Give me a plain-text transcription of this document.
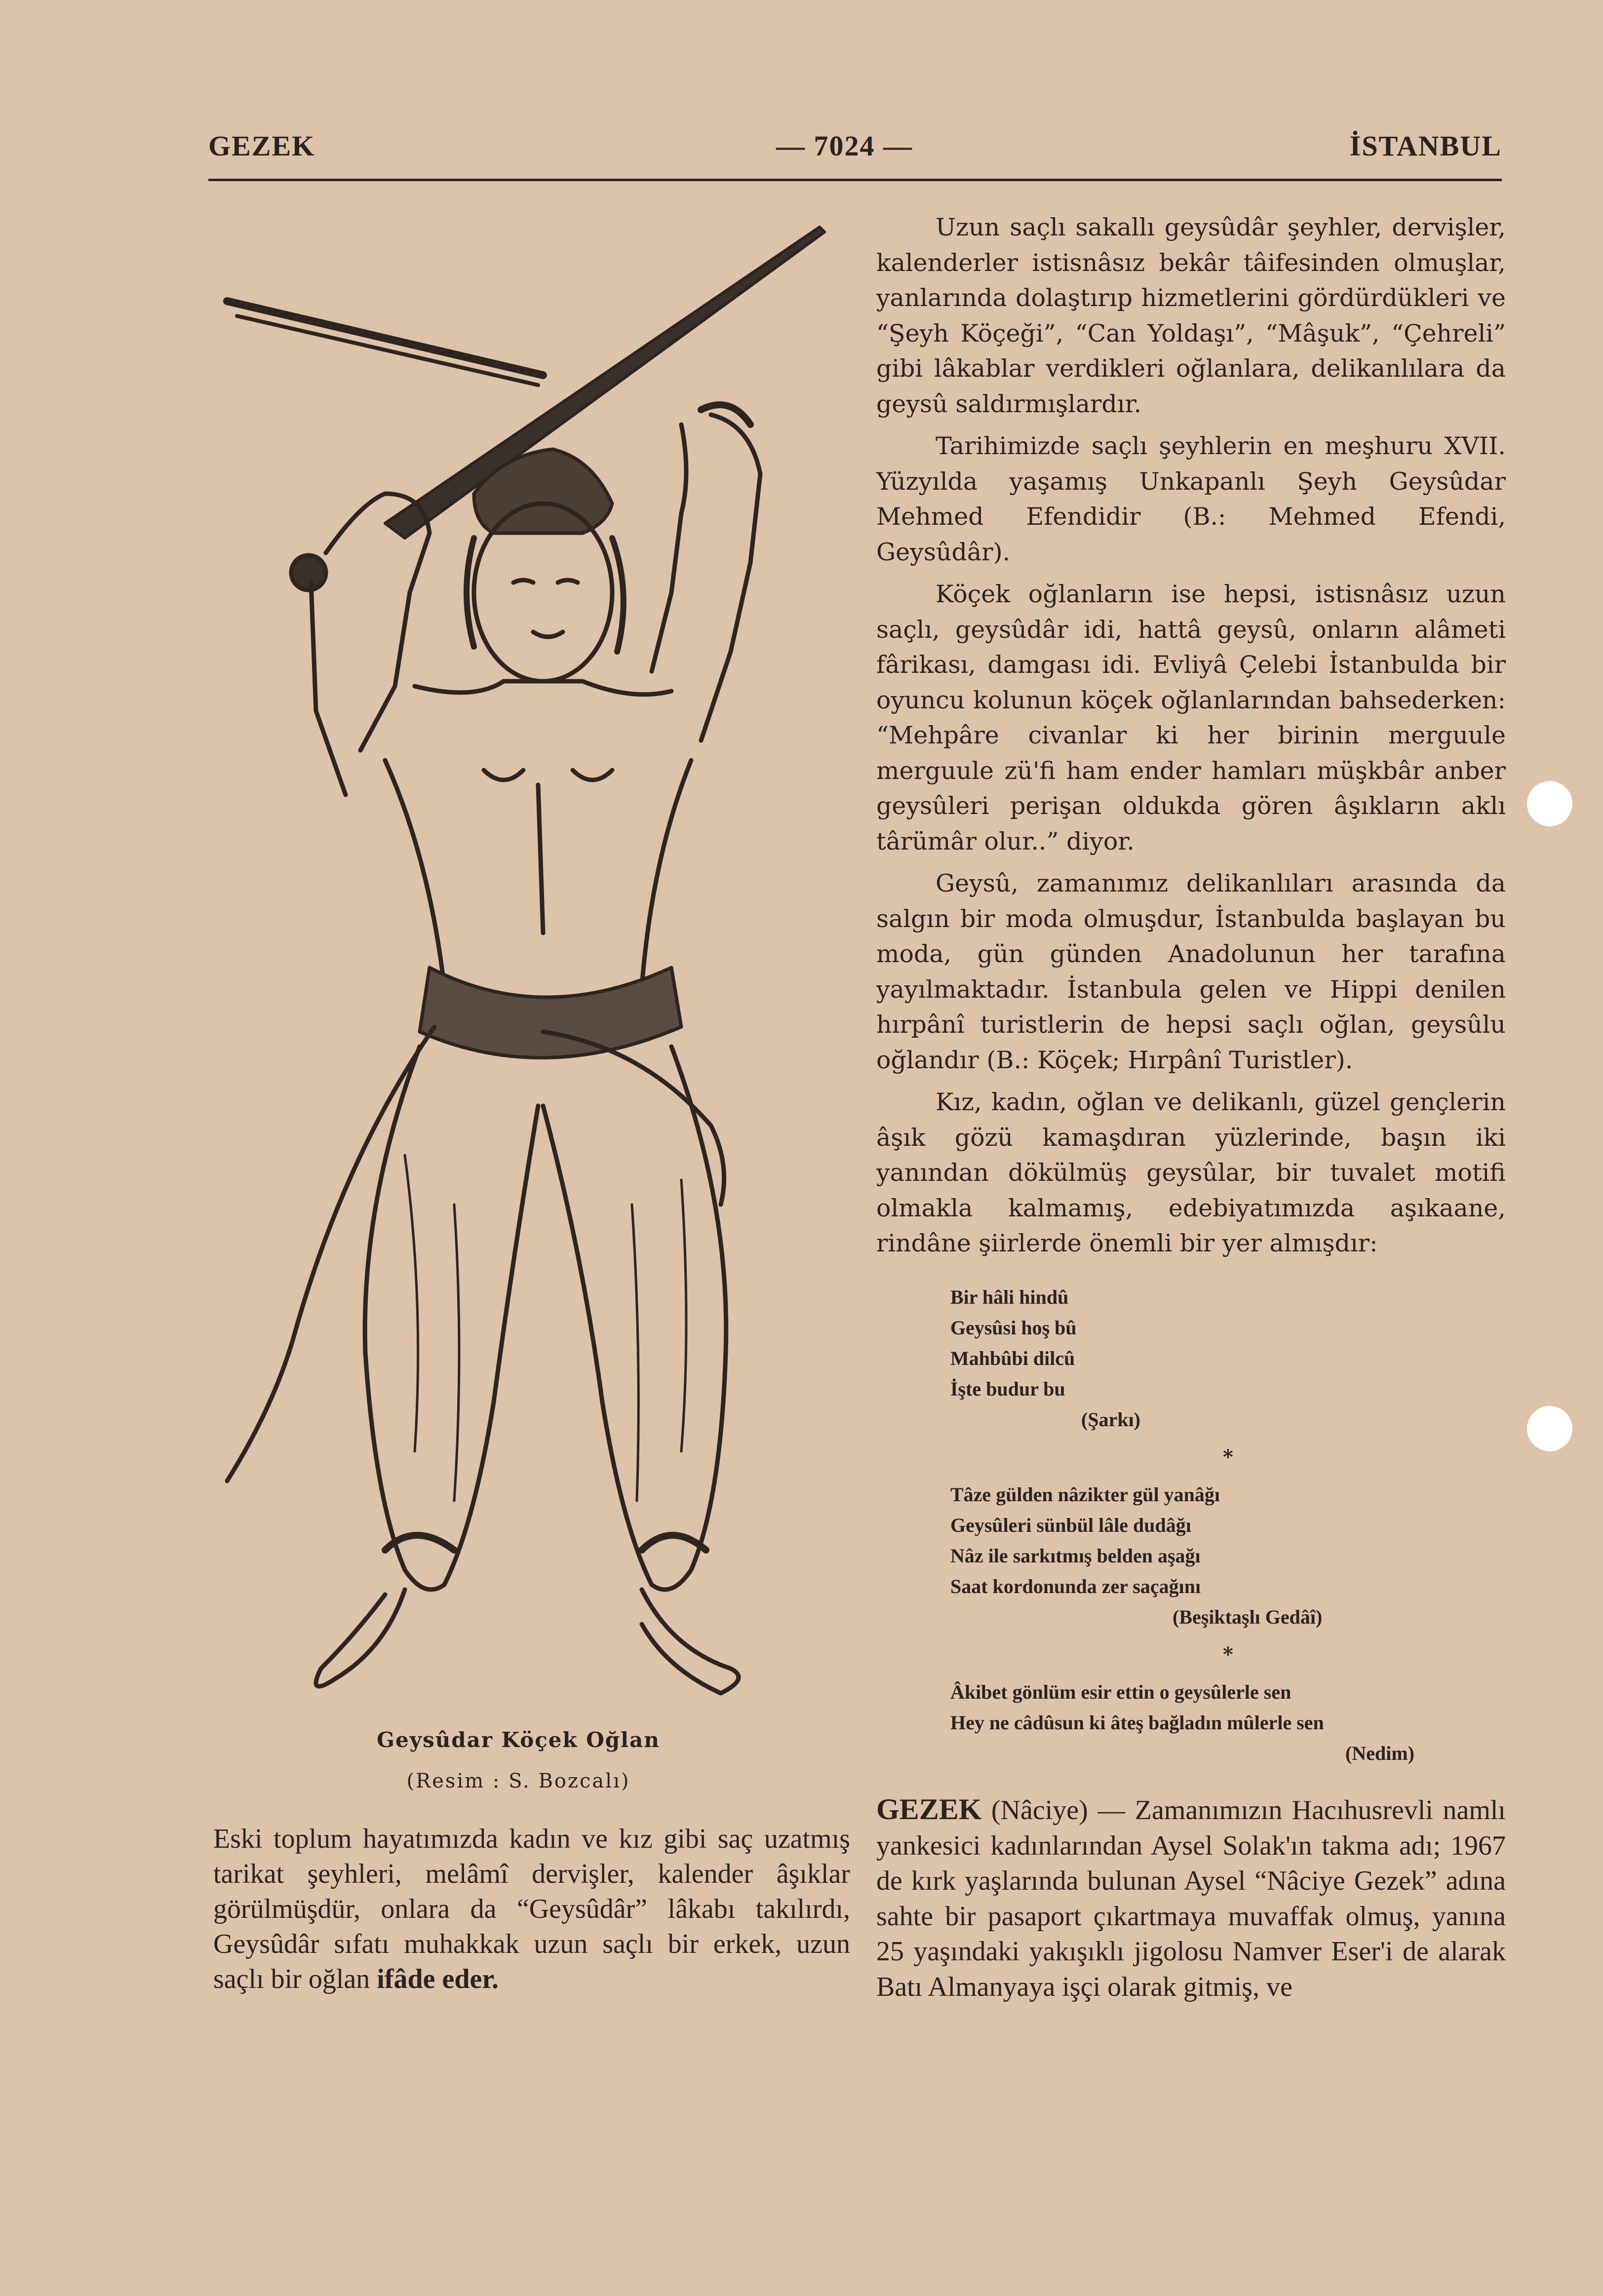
GEZEK	— 7024 —	İSTANBUL
Geysûdar Köçek Oğlan
(Resim : S. Bozcalı)
Eski toplum hayatımızda kadın ve kız gibi saç uzatmış tarikat şeyhleri, melâmî dervişler, kalender âşıklar görülmüşdür, onlara da “Geysûdâr” lâkabı takılırdı, Geysûdâr sıfatı muhakkak uzun saçlı bir erkek, uzun saçlı bir oğlan ifâde eder.

Uzun saçlı sakallı geysûdâr şeyhler, dervişler, kalenderler istisnâsız bekâr tâifesinden olmuşlar, yanlarında dolaştırıp hizmetlerini gördürdükleri ve “Şeyh Köçeği”, “Can Yoldaşı”, “Mâşuk”, “Çehreli” gibi lâkablar verdikleri oğlanlara, delikanlılara da geysû saldırmışlardır.

Tarihimizde saçlı şeyhlerin en meşhuru XVII. Yüzyılda yaşamış Unkapanlı Şeyh Geysûdar Mehmed Efendidir (B.: Mehmed Efendi, Geysûdâr).

Köçek oğlanların ise hepsi, istisnâsız uzun saçlı, geysûdâr idi, hattâ geysû, onların alâmeti fârikası, damgası idi. Evliyâ Çelebi İstanbulda bir oyuncu kolunun köçek oğlanlarından bahsederken: “Mehpâre civanlar ki her birinin merguule merguule zü'fi ham ender hamları müşkbâr anber geysûleri perişan oldukda gören âşıkların aklı târümâr olur..” diyor.

Geysû, zamanımız delikanlıları arasında da salgın bir moda olmuşdur, İstanbulda başlayan bu moda, gün günden Anadolunun her tarafına yayılmaktadır. İstanbula gelen ve Hippi denilen hırpânî turistlerin de hepsi saçlı oğlan, geysûlu oğlandır (B.: Köçek; Hırpânî Turistler).

Kız, kadın, oğlan ve delikanlı, güzel gençlerin âşık gözü kamaşdıran yüzlerinde, başın iki yanından dökülmüş geysûlar, bir tuvalet motifi olmakla kalmamış, edebiyatımızda aşıkaane, rindâne şiirlerde önemli bir yer almışdır:

Bir hâli hindû
Geysûsi hoş bû
Mahbûbi dilcû
İşte budur bu
(Şarkı)
*
Tâze gülden nâzikter gül yanâğı
Geysûleri sünbül lâle dudâğı
Nâz ile sarkıtmış belden aşağı
Saat kordonunda zer saçağını
(Beşiktaşlı Gedâî)
*
Âkibet gönlüm esir ettin o geysûlerle sen
Hey ne câdûsun ki âteş bağladın mûlerle sen
(Nedim)
GEZEK (Nâciye) — Zamanımızın Hacıhusrevli namlı yankesici kadınlarından Aysel Solak'ın takma adı; 1967 de kırk yaşlarında bulunan Aysel “Nâciye Gezek” adına sahte bir pasaport çıkartmaya muvaffak olmuş, yanına 25 yaşındaki yakışıklı jigolosu Namver Eser'i de alarak Batı Almanyaya işçi olarak gitmiş, ve
